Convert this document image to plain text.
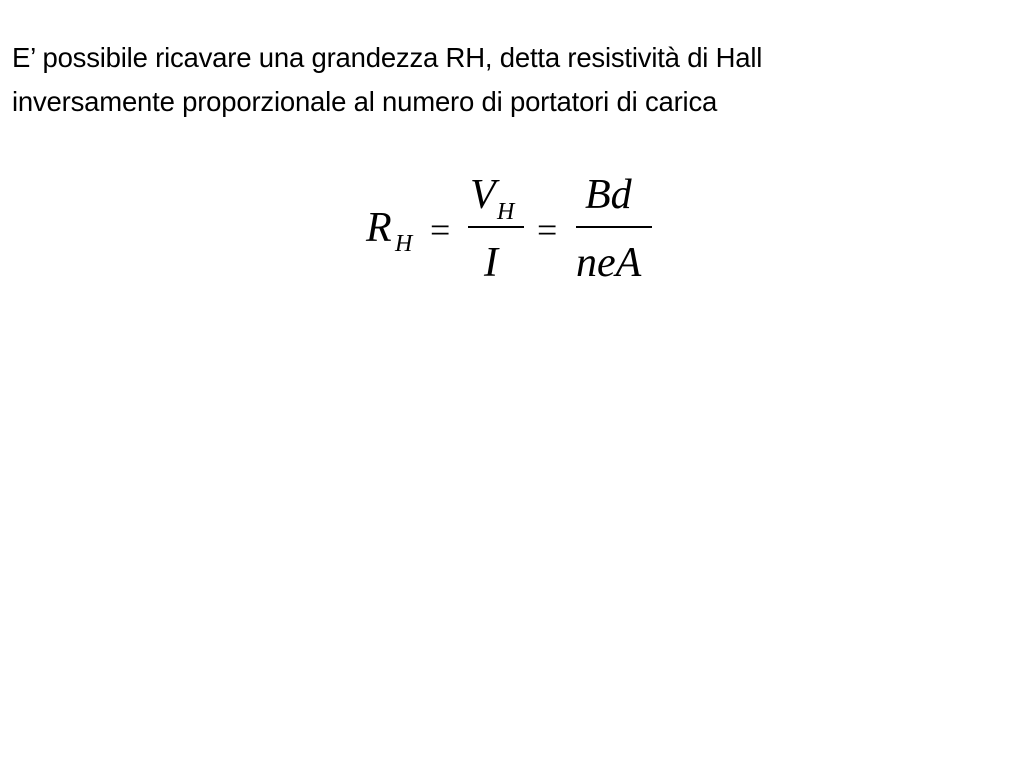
E’ possibile ricavare una grandezza RH, detta resistività di Hall
inversamente proporzionale al numero di portatori di carica
R H =
V H
I
=
Bd
neA
